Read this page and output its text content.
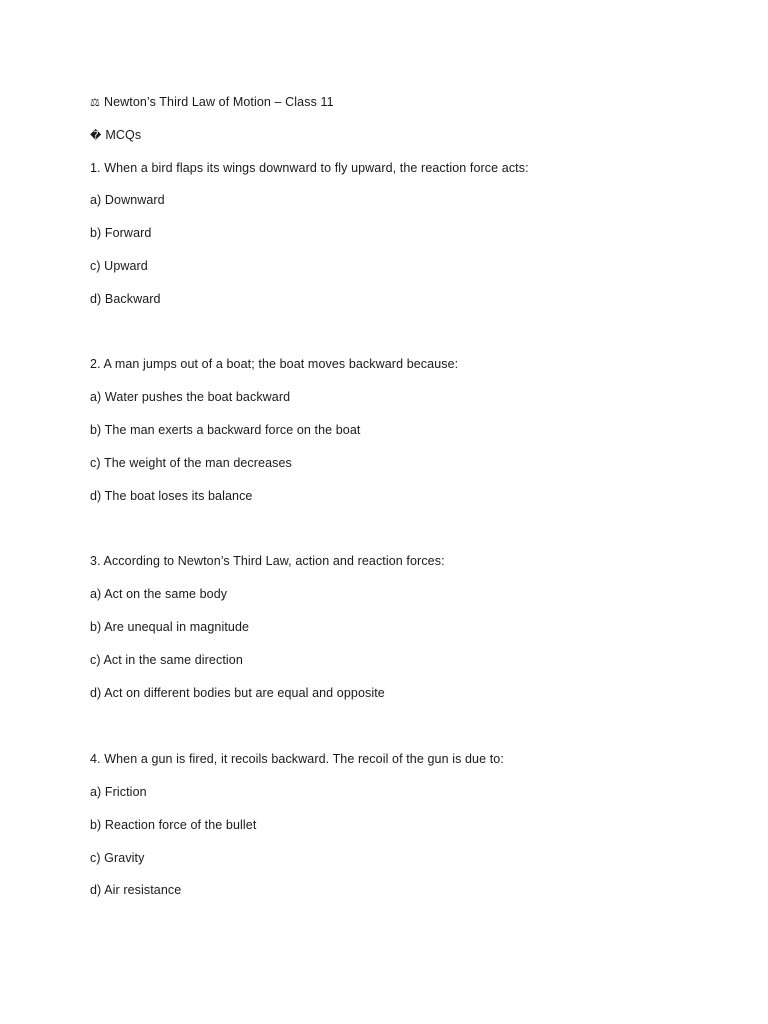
⚖ Newton’s Third Law of Motion – Class 11
� MCQs
1. When a bird flaps its wings downward to fly upward, the reaction force acts:
a) Downward
b) Forward
c) Upward
d) Backward
2. A man jumps out of a boat; the boat moves backward because:
a) Water pushes the boat backward
b) The man exerts a backward force on the boat
c) The weight of the man decreases
d) The boat loses its balance
3. According to Newton’s Third Law, action and reaction forces:
a) Act on the same body
b) Are unequal in magnitude
c) Act in the same direction
d) Act on different bodies but are equal and opposite
4. When a gun is fired, it recoils backward. The recoil of the gun is due to:
a) Friction
b) Reaction force of the bullet
c) Gravity
d) Air resistance
